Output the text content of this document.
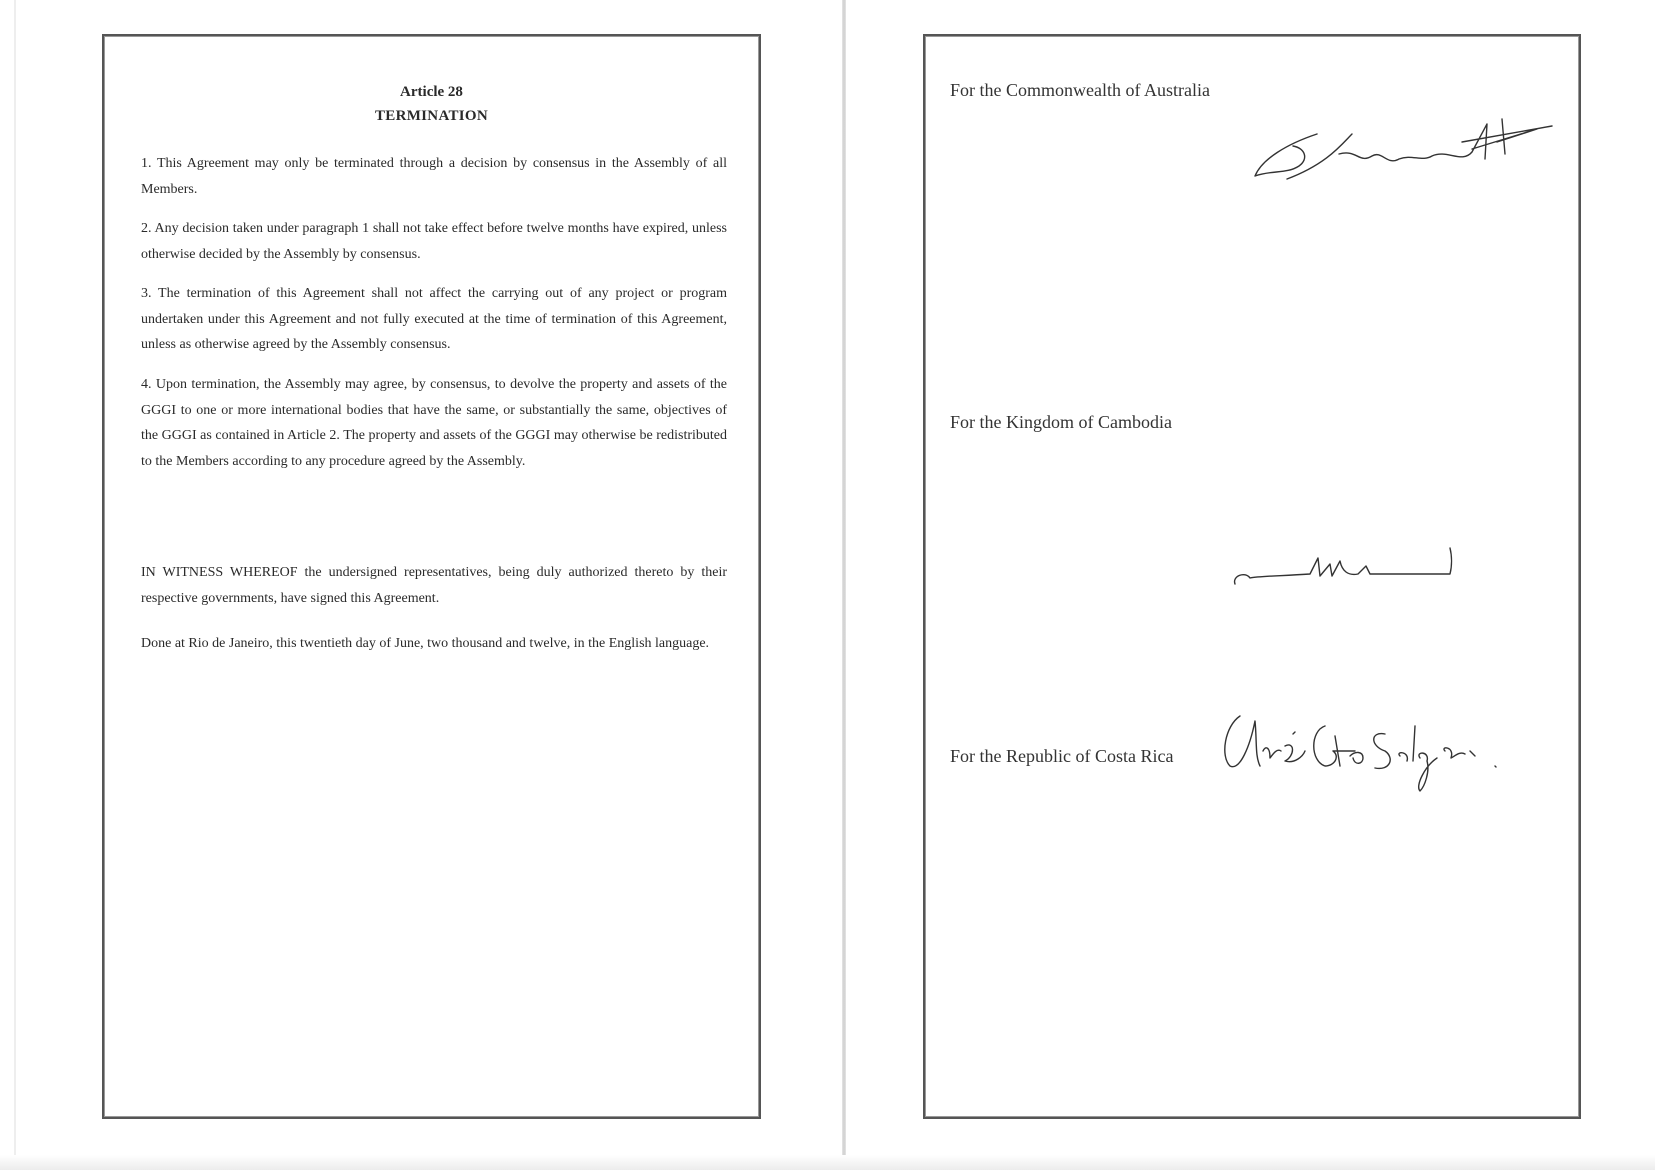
Article 28
TERMINATION

1. This Agreement may only be terminated through a decision by consensus in the Assembly of all Members.

2. Any decision taken under paragraph 1 shall not take effect before twelve months have expired, unless otherwise decided by the Assembly by consensus.

3. The termination of this Agreement shall not affect the carrying out of any project or program undertaken under this Agreement and not fully executed at the time of termination of this Agreement, unless as otherwise agreed by the Assembly consensus.

4. Upon termination, the Assembly may agree, by consensus, to devolve the property and assets of the GGGI to one or more international bodies that have the same, or substantially the same, objectives of the GGGI as contained in Article 2. The property and assets of the GGGI may otherwise be redistributed to the Members according to any procedure agreed by the Assembly.

IN WITNESS WHEREOF the undersigned representatives, being duly authorized thereto by their respective governments, have signed this Agreement.

Done at Rio de Janeiro, this twentieth day of June, two thousand and twelve, in the English language.

For the Commonwealth of Australia
For the Kingdom of Cambodia
For the Republic of Costa Rica
